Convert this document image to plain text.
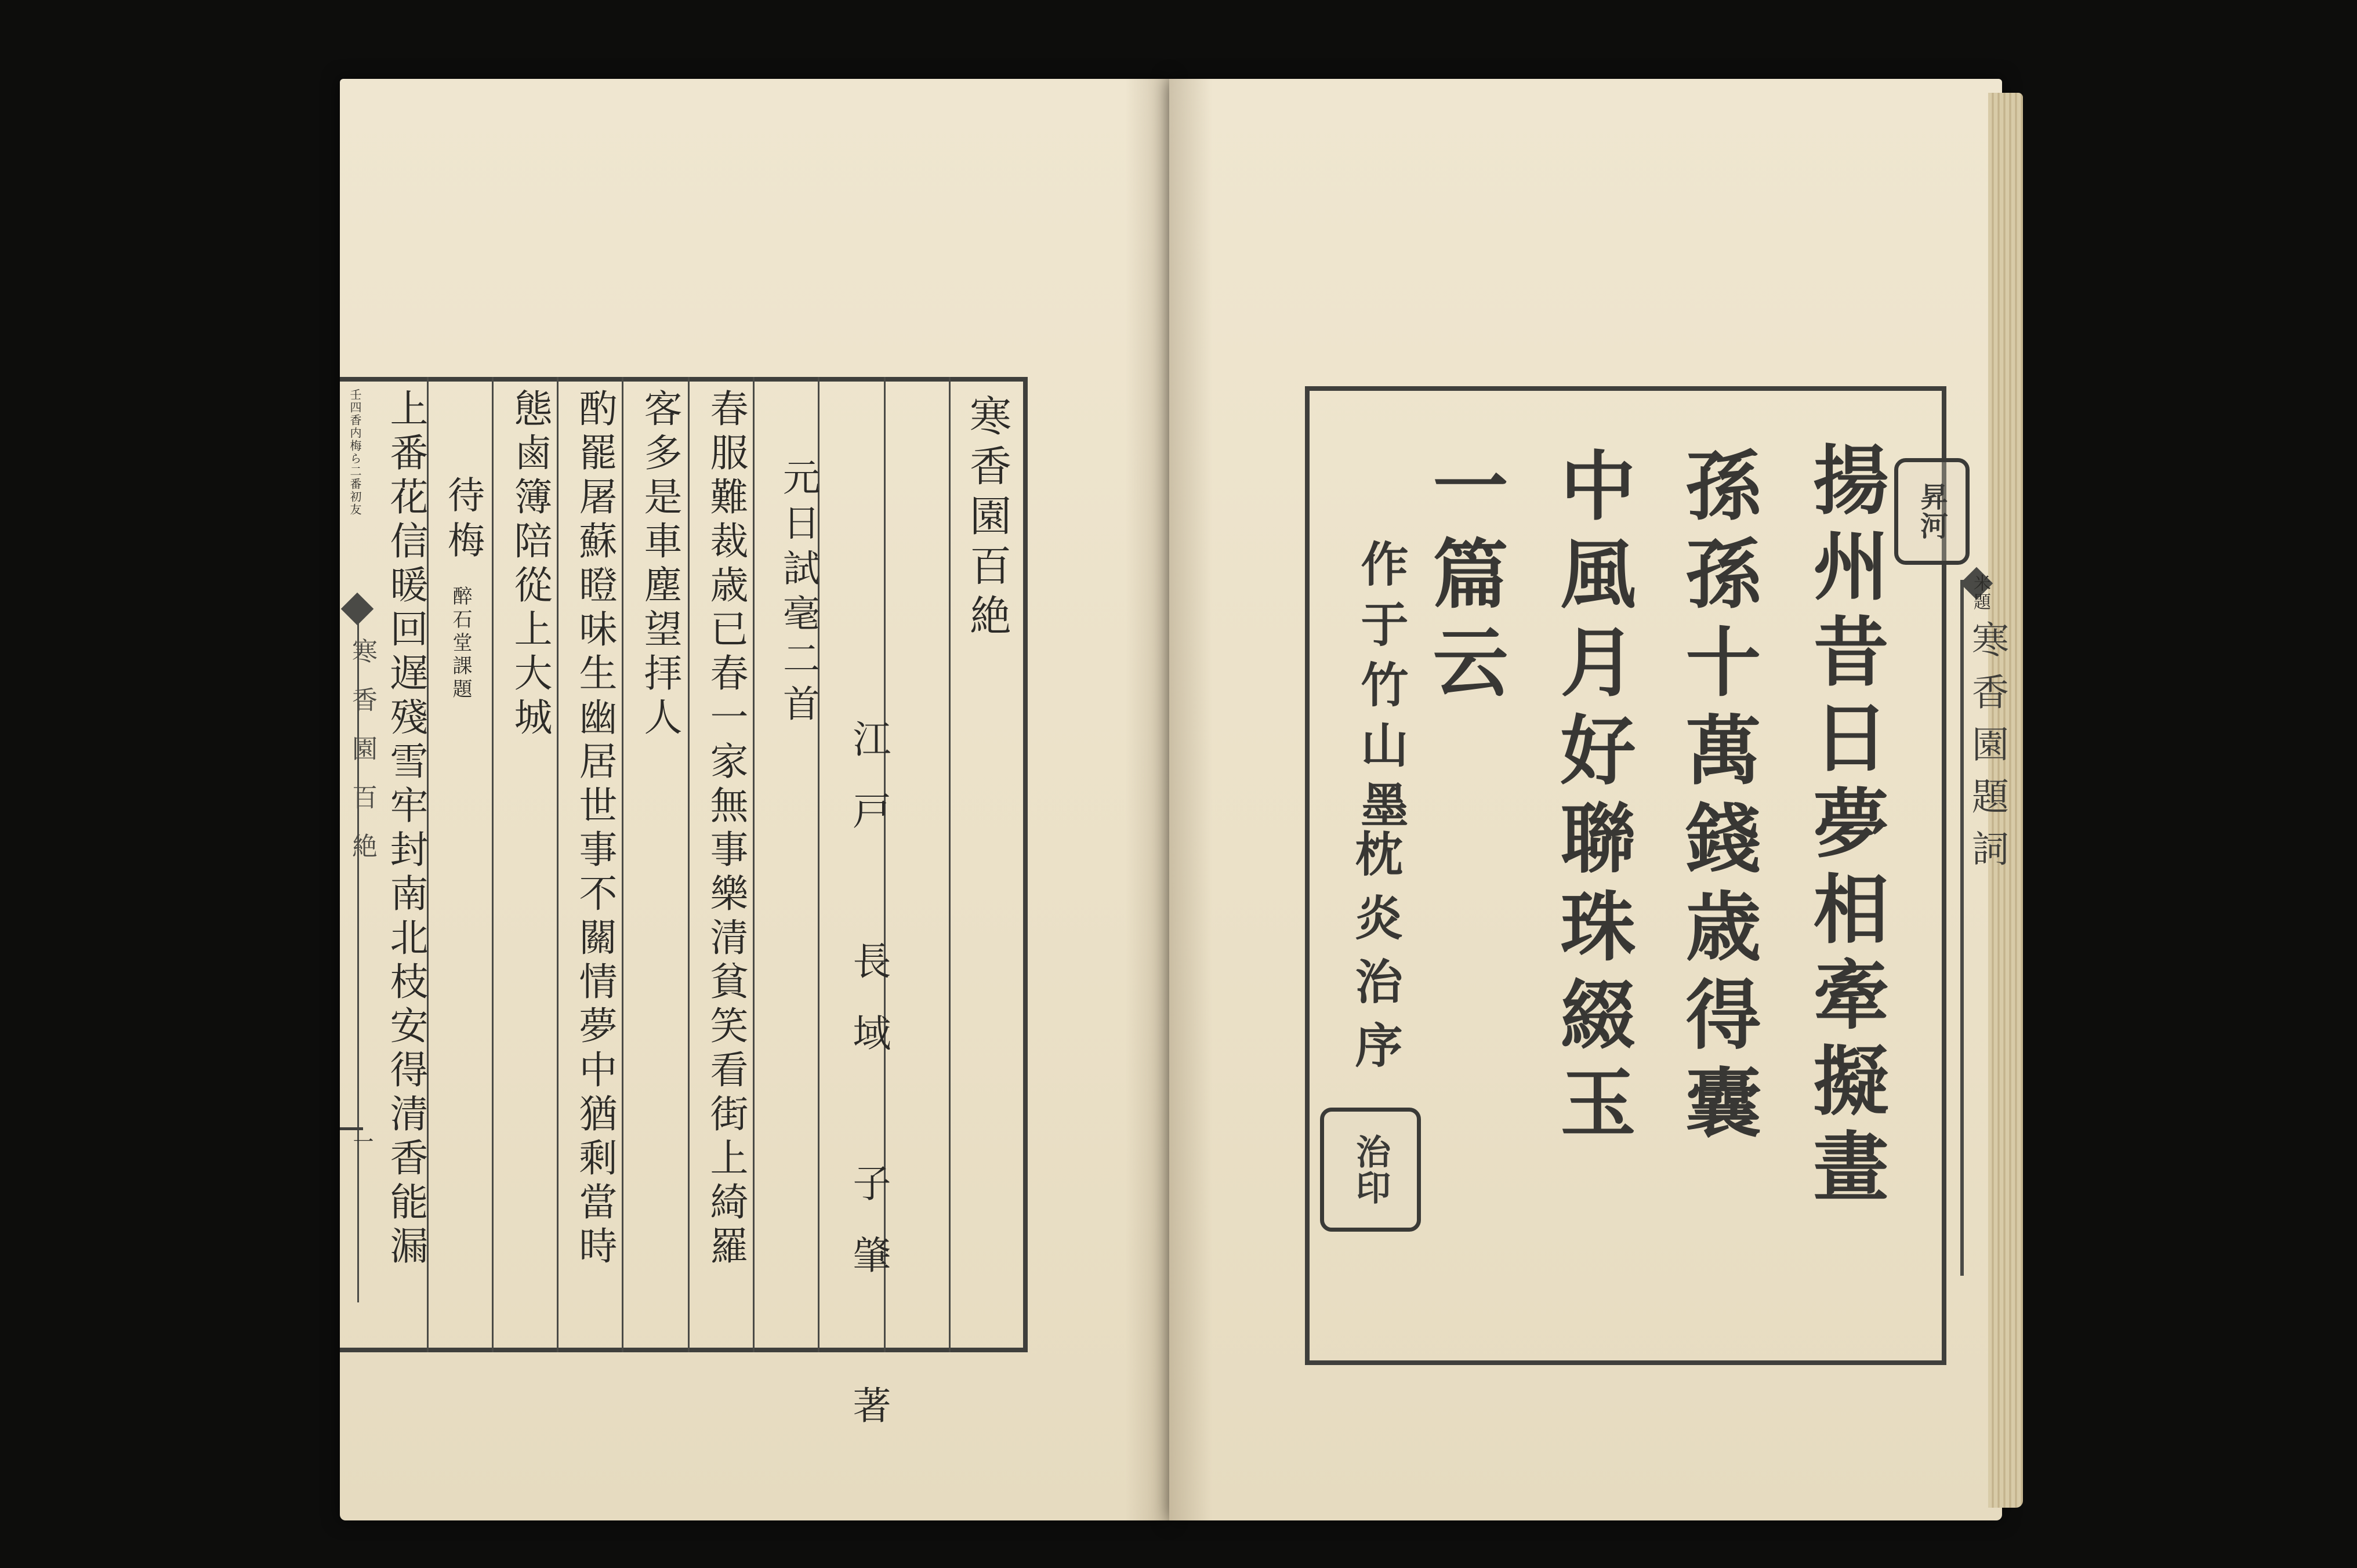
寒香園百絶
江戸 長域 子肇 著
元日試毫二首
春服難裁歳已春一家無事樂清貧笑看街上綺羅
客多是車塵望拝人
酌罷屠蘇瞪味生幽居世事不關情夢中猶剩當時
態鹵簿陪從上大城
待梅
醉石堂課題
上番花信暖回遅殘雪牢封南北枝安得清香能漏
壬四香内梅ら二番初友
寒香園百絶
一	揚州昔日夢相牽擬畫
孫孫十萬錢歳得囊
中風月好聯珠綴玉
一篇云
作于竹山墨
枕炎治序
昇河
治印
米題
寒香園題詞
